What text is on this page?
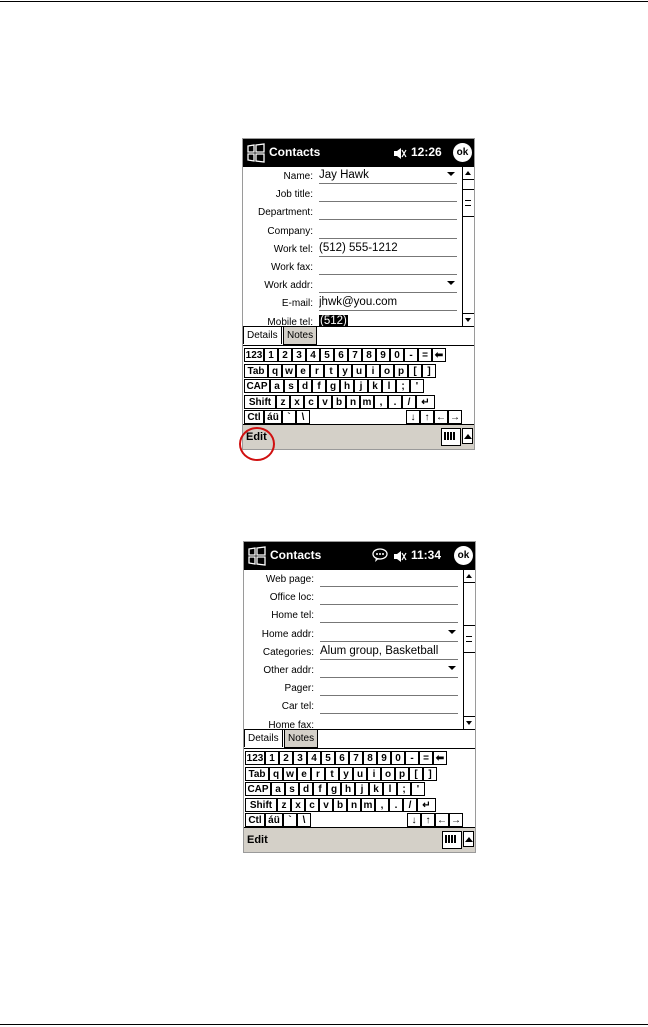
Contacts	12:26	ok
Name: Jay Hawk
Job title:
Department:
Company:
Work tel: (512) 555-1212
Work fax:
Work addr:
E-mail: jhwk@you.com
Mobile tel: (512)
Details Notes
123 1 2 3 4 5 6 7 8 9 0 - = ⬅
Tab q w e r	t y u i o p [	]
CAP a s d f g h j k l	;	'
Shift z x c v b n m ,	.	/	↵
Ctl áü `	\	↓ ↑ ← →
Edit
Contacts	11:34	ok
Web page:
Office loc:
Home tel:
Home addr:
Categories: Alum group, Basketball
Other addr:
Pager:
Car tel:
Home fax:
Details Notes
123 1 2 3 4 5 6 7 8 9 0 - = ⬅
Tab q w e r	t y u i o p [	]
CAP a s d f g h j k l	;	'
Shift z x c v b n m ,	.	/	↵
Ctl áü `	\	↓ ↑ ← →
Edit
